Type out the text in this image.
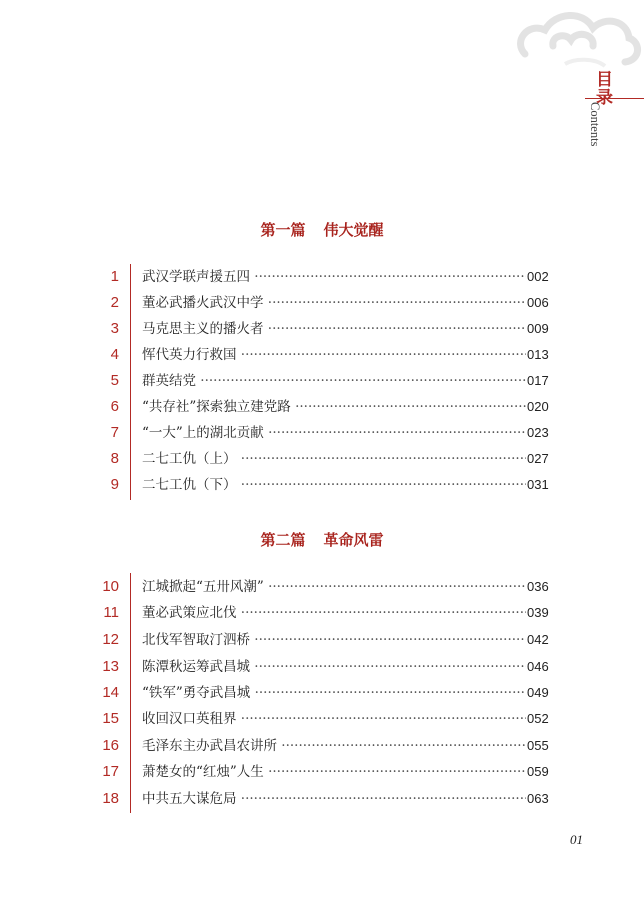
目录
Contents
第一篇 伟大觉醒
1 武汉学联声援五四 ·····	002
2 董必武播火武汉中学 ·····	006
3 马克思主义的播火者 ·····	009
4 恽代英力行救国 ·····	013
5 群英结党 ·····	017
6 “共存社”探索独立建党路 ·····	020
7 “一大”上的湖北贡献 ·····	023
8 二七工仇（上） ·····	027
9 二七工仇（下） ·····	031
第二篇 革命风雷
10 江城掀起“五卅风潮” ·····	036
11 董必武策应北伐 ·····	039
12 北伐军智取汀泗桥 ·····	042
13 陈潭秋运筹武昌城 ·····	046
14 “铁军”勇夺武昌城 ·····	049
15 收回汉口英租界 ·····	052
16 毛泽东主办武昌农讲所 ·····	055
17 萧楚女的“红烛”人生 ·····	059
18 中共五大谋危局 ·····	063
01
